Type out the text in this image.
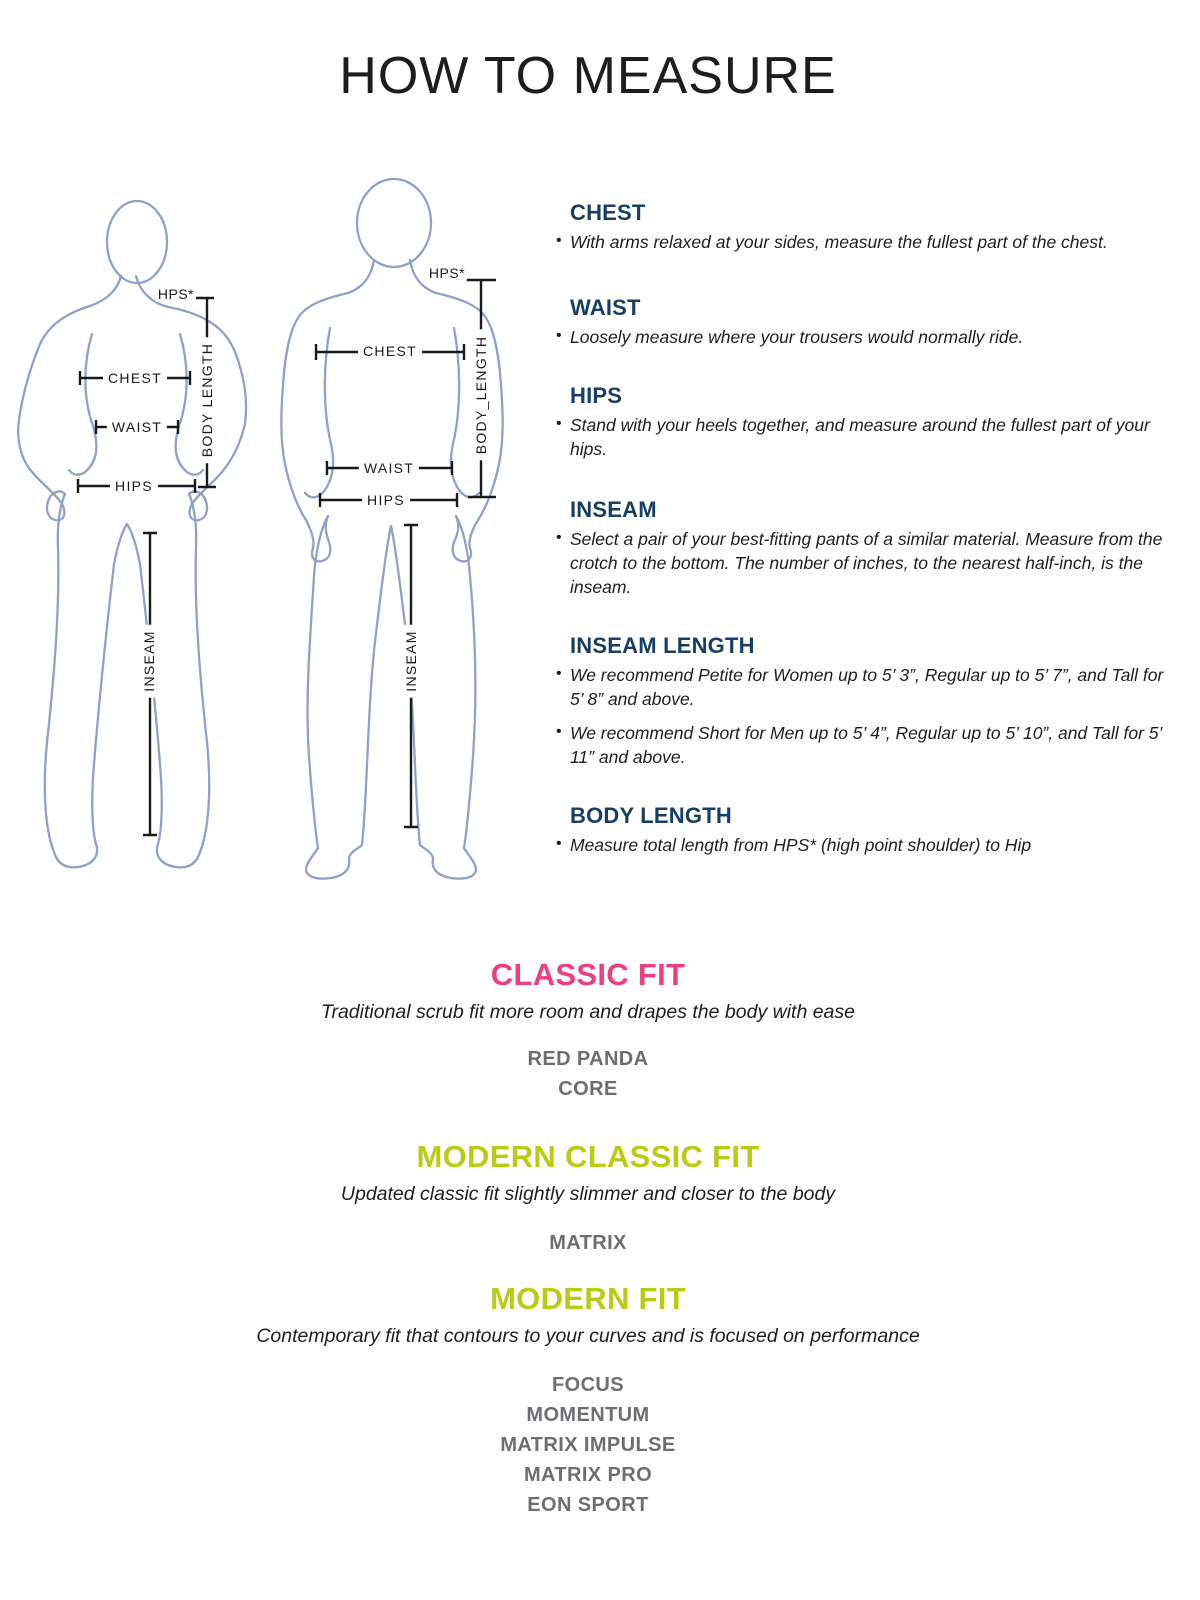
HOW TO MEASURE
HPS*
CHEST
WAIST
HIPS
BODY LENGTH
INSEAM
HPS*
CHEST
WAIST
HIPS
BODY_LENGTH
INSEAM
CHEST
• With arms relaxed at your sides, measure the fullest part of the chest.
WAIST
• Loosely measure where your trousers would normally ride.
HIPS
• Stand with your heels together, and measure around the fullest part of your hips.
INSEAM
• Select a pair of your best-fitting pants of a similar material. Measure from the crotch to the bottom. The number of inches, to the nearest half-inch, is the inseam.
INSEAM LENGTH
• We recommend Petite for Women up to 5’ 3”, Regular up to 5’ 7”, and Tall for 5’ 8” and above.
• We recommend Short for Men up to 5’ 4”, Regular up to 5’ 10”, and Tall for 5’ 11” and above.
BODY LENGTH
• Measure total length from HPS* (high point shoulder) to Hip
CLASSIC FIT
Traditional scrub fit more room and drapes the body with ease
RED PANDA
CORE
MODERN CLASSIC FIT
Updated classic fit slightly slimmer and closer to the body
MATRIX
MODERN FIT
Contemporary fit that contours to your curves and is focused on performance
FOCUS
MOMENTUM
MATRIX IMPULSE
MATRIX PRO
EON SPORT
